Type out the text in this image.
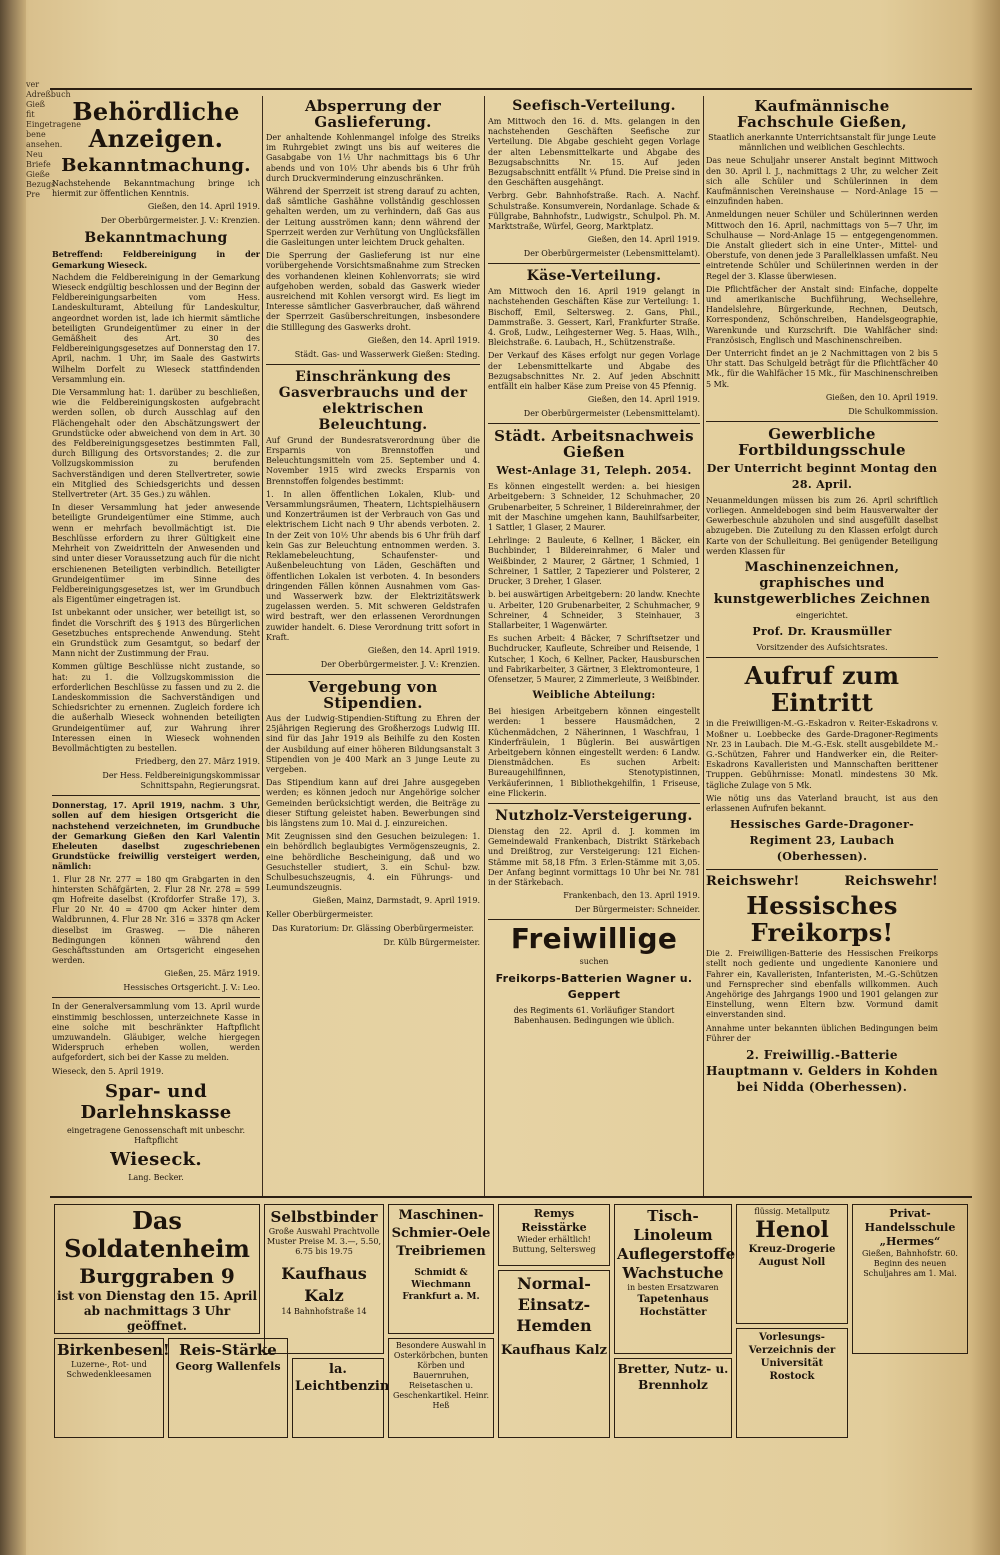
ver Adreßbuch Gieß fit Eingetragene bene ansehen. Neu Briefe Gieße Bezugs Pre
Behördliche Anzeigen.
Bekanntmachung.

Nachstehende Bekanntmachung bringe ich hiermit zur öffentlichen Kenntnis.

Gießen, den 14. April 1919.
Der Oberbürgermeister. J. V.: Krenzien.
Bekanntmachung

Betreffend: Feldbereinigung in der Gemarkung Wieseck.

Nachdem die Feldbereinigung in der Gemarkung Wieseck endgültig beschlossen und der Beginn der Feldbereinigungsarbeiten vom Hess. Landeskulturamt, Abteilung für Landeskultur, angeordnet worden ist, lade ich hiermit sämtliche beteiligten Grundeigentümer zu einer in der Gemäßheit des Art. 30 des Feldbereinigungsgesetzes auf Donnerstag den 17. April, nachm. 1 Uhr, im Saale des Gastwirts Wilhelm Dorfelt zu Wieseck stattfindenden Versammlung ein.

Die Versammlung hat: 1. darüber zu beschließen, wie die Feldbereinigungskosten aufgebracht werden sollen, ob durch Ausschlag auf den Flächengehalt oder den Abschätzungswert der Grundstücke oder abweichend von dem in Art. 30 des Feldbereinigungsgesetzes bestimmten Fall, durch Billigung des Ortsvorstandes; 2. die zur Vollzugskommission zu berufenden Sachverständigen und deren Stellvertreter, sowie ein Mitglied des Schiedsgerichts und dessen Stellvertreter (Art. 35 Ges.) zu wählen.

In dieser Versammlung hat jeder anwesende beteiligte Grundeigentümer eine Stimme, auch wenn er mehrfach bevollmächtigt ist. Die Beschlüsse erfordern zu ihrer Gültigkeit eine Mehrheit von Zweidritteln der Anwesenden und sind unter dieser Voraussetzung auch für die nicht erschienenen Beteiligten verbindlich. Beteiligter Grundeigentümer im Sinne des Feldbereinigungsgesetzes ist, wer im Grundbuch als Eigentümer eingetragen ist.

Ist unbekannt oder unsicher, wer beteiligt ist, so findet die Vorschrift des § 1913 des Bürgerlichen Gesetzbuches entsprechende Anwendung. Steht ein Grundstück zum Gesamtgut, so bedarf der Mann nicht der Zustimmung der Frau.

Kommen gültige Beschlüsse nicht zustande, so hat: zu 1. die Vollzugskommission die erforderlichen Beschlüsse zu fassen und zu 2. die Landeskommission die Sachverständigen und Schiedsrichter zu ernennen. Zugleich fordere ich die außerhalb Wieseck wohnenden beteiligten Grundeigentümer auf, zur Wahrung ihrer Interessen einen in Wieseck wohnenden Bevollmächtigten zu bestellen.

Friedberg, den 27. März 1919.
Der Hess. Feldbereinigungskommissar Schnittspahn, Regierungsrat.

Donnerstag, 17. April 1919, nachm. 3 Uhr, sollen auf dem hiesigen Ortsgericht die nachstehend verzeichneten, im Grundbuche der Gemarkung Gießen den Karl Valentin Eheleuten daselbst zugeschriebenen Grundstücke freiwillig versteigert werden, nämlich:

1. Flur 28 Nr. 277 = 180 qm Grabgarten in den hintersten Schäfgärten, 2. Flur 28 Nr. 278 = 599 qm Hofreite daselbst (Krofdorfer Straße 17), 3. Flur 20 Nr. 40 = 4700 qm Acker hinter dem Waldbrunnen, 4. Flur 28 Nr. 316 = 3378 qm Acker dieselbst im Grasweg. — Die näheren Bedingungen können während den Geschäftsstunden am Ortsgericht eingesehen werden.

Gießen, 25. März 1919.
Hessisches Ortsgericht. J. V.: Leo.

In der Generalversammlung vom 13. April wurde einstimmig beschlossen, unterzeichnete Kasse in eine solche mit beschränkter Haftpflicht umzuwandeln. Gläubiger, welche hiergegen Widerspruch erheben wollen, werden aufgefordert, sich bei der Kasse zu melden.

Wieseck, den 5. April 1919.
Spar- und Darlehnskasse

eingetragene Genossenschaft mit unbeschr. Haftpflicht

Wieseck.
Lang. Becker.
Absperrung der Gaslieferung.

Der anhaltende Kohlenmangel infolge des Streiks im Ruhrgebiet zwingt uns bis auf weiteres die Gasabgabe von 1½ Uhr nachmittags bis 6 Uhr abends und von 10½ Uhr abends bis 6 Uhr früh durch Druckverminderung einzuschränken.

Während der Sperrzeit ist streng darauf zu achten, daß sämtliche Gashähne vollständig geschlossen gehalten werden, um zu verhindern, daß Gas aus der Leitung ausströmen kann; denn während der Sperrzeit werden zur Verhütung von Unglücksfällen die Gasleitungen unter leichtem Druck gehalten.

Die Sperrung der Gaslieferung ist nur eine vorübergehende Vorsichtsmaßnahme zum Strecken des vorhandenen kleinen Kohlenvorrats; sie wird aufgehoben werden, sobald das Gaswerk wieder ausreichend mit Kohlen versorgt wird. Es liegt im Interesse sämtlicher Gasverbraucher, daß während der Sperrzeit Gasüberschreitungen, insbesondere die Stilllegung des Gaswerks droht.

Gießen, den 14. April 1919.
Städt. Gas- und Wasserwerk Gießen: Steding.
Einschränkung des Gasverbrauchs und der elektrischen Beleuchtung.

Auf Grund der Bundesratsverordnung über die Ersparnis von Brennstoffen und Beleuchtungsmitteln vom 25. September und 4. November 1915 wird zwecks Ersparnis von Brennstoffen folgendes bestimmt:

1. In allen öffentlichen Lokalen, Klub- und Versammlungsräumen, Theatern, Lichtspielhäusern und Konzerträumen ist der Verbrauch von Gas und elektrischem Licht nach 9 Uhr abends verboten. 2. In der Zeit von 10½ Uhr abends bis 6 Uhr früh darf kein Gas zur Beleuchtung entnommen werden. 3. Reklamebeleuchtung, Schaufenster- und Außenbeleuchtung von Läden, Geschäften und öffentlichen Lokalen ist verboten. 4. In besonders dringenden Fällen können Ausnahmen vom Gas- und Wasserwerk bzw. der Elektrizitätswerk zugelassen werden. 5. Mit schweren Geldstrafen wird bestraft, wer den erlassenen Verordnungen zuwider handelt. 6. Diese Verordnung tritt sofort in Kraft.

Gießen, den 14. April 1919.
Der Oberbürgermeister. J. V.: Krenzien.
Vergebung von Stipendien.

Aus der Ludwig-Stipendien-Stiftung zu Ehren der 25jährigen Regierung des Großherzogs Ludwig III. sind für das Jahr 1919 als Beihilfe zu den Kosten der Ausbildung auf einer höheren Bildungsanstalt 3 Stipendien von je 400 Mark an 3 junge Leute zu vergeben.

Das Stipendium kann auf drei Jahre ausgegeben werden; es können jedoch nur Angehörige solcher Gemeinden berücksichtigt werden, die Beiträge zu dieser Stiftung geleistet haben. Bewerbungen sind bis längstens zum 10. Mai d. J. einzureichen.

Mit Zeugnissen sind den Gesuchen beizulegen: 1. ein behördlich beglaubigtes Vermögenszeugnis, 2. eine behördliche Bescheinigung, daß und wo Gesuchsteller studiert, 3. ein Schul- bzw. Schulbesuchszeugnis, 4. ein Führungs- und Leumundszeugnis.

Gießen, Mainz, Darmstadt, 9. April 1919.
Keller Oberbürgermeister.
Das Kuratorium: Dr. Glässing Oberbürgermeister.
Dr. Külb Bürgermeister.
Seefisch-Verteilung.

Am Mittwoch den 16. d. Mts. gelangen in den nachstehenden Geschäften Seefische zur Verteilung. Die Abgabe geschieht gegen Vorlage der alten Lebensmittelkarte und Abgabe des Bezugsabschnitts Nr. 15. Auf jeden Bezugsabschnitt entfällt ¼ Pfund. Die Preise sind in den Geschäften ausgehängt.

Verbrg. Gebr. Bahnhofstraße. Rach. A. Nachf. Schulstraße. Konsumverein, Nordanlage. Schade & Füllgrabe, Bahnhofstr., Ludwigstr., Schulpol. Ph. M. Marktstraße, Würfel, Georg, Marktplatz.

Gießen, den 14. April 1919.
Der Oberbürgermeister (Lebensmittelamt).
Käse-Verteilung.

Am Mittwoch den 16. April 1919 gelangt in nachstehenden Geschäften Käse zur Verteilung: 1. Bischoff, Emil, Seltersweg. 2. Gans, Phil., Dammstraße. 3. Gessert, Karl, Frankfurter Straße. 4. Groß, Ludw., Leihgesterner Weg. 5. Haas, Wilh., Bleichstraße. 6. Laubach, H., Schützenstraße.

Der Verkauf des Käses erfolgt nur gegen Vorlage der Lebensmittelkarte und Abgabe des Bezugsabschnittes Nr. 2. Auf jeden Abschnitt entfällt ein halber Käse zum Preise von 45 Pfennig.

Gießen, den 14. April 1919.
Der Oberbürgermeister (Lebensmittelamt).
Städt. Arbeitsnachweis Gießen
West-Anlage 31, Teleph. 2054.

Es können eingestellt werden: a. bei hiesigen Arbeitgebern: 3 Schneider, 12 Schuhmacher, 20 Grubenarbeiter, 5 Schreiner, 1 Bildereinrahmer, der mit der Maschine umgehen kann, Bauhilfsarbeiter, 1 Sattler, 1 Glaser, 2 Maurer.

Lehrlinge: 2 Bauleute, 6 Kellner, 1 Bäcker, ein Buchbinder, 1 Bildereinrahmer, 6 Maler und Weißbinder, 2 Maurer, 2 Gärtner, 1 Schmied, 1 Schreiner, 1 Sattler, 2 Tapezierer und Polsterer, 2 Drucker, 3 Dreher, 1 Glaser.

b. bei auswärtigen Arbeitgebern: 20 landw. Knechte u. Arbeiter, 120 Grubenarbeiter, 2 Schuhmacher, 9 Schreiner, 4 Schneider, 3 Steinhauer, 3 Stallarbeiter, 1 Wagenwärter.

Es suchen Arbeit: 4 Bäcker, 7 Schriftsetzer und Buchdrucker, Kaufleute, Schreiber und Reisende, 1 Kutscher, 1 Koch, 6 Kellner, Packer, Hausburschen und Fabrikarbeiter, 3 Gärtner, 3 Elektromonteure, 1 Ofensetzer, 5 Maurer, 2 Zimmerleute, 3 Weißbinder.

Weibliche Abteilung:

Bei hiesigen Arbeitgebern können eingestellt werden: 1 bessere Hausmädchen, 2 Küchenmädchen, 2 Näherinnen, 1 Waschfrau, 1 Kinderfräulein, 1 Büglerin. Bei auswärtigen Arbeitgebern können eingestellt werden: 6 Landw. Dienstmädchen. Es suchen Arbeit: Bureaugehilfinnen, Stenotypistinnen, Verkäuferinnen, 1 Bibliothekgehilfin, 1 Friseuse, eine Flickerin.

Nutzholz-Versteigerung.

Dienstag den 22. April d. J. kommen im Gemeindewald Frankenbach, Distrikt Stärkebach und Dreißtrog, zur Versteigerung: 121 Eichen-Stämme mit 58,18 Ffm. 3 Erlen-Stämme mit 3,05. Der Anfang beginnt vormittags 10 Uhr bei Nr. 781 in der Stärkebach.

Frankenbach, den 13. April 1919.
Der Bürgermeister: Schneider.
Freiwillige
suchen
Freikorps-Batterien Wagner u. Geppert

des Regiments 61. Vorläufiger Standort Babenhausen. Bedingungen wie üblich.

Kaufmännische Fachschule Gießen,

Staatlich anerkannte Unterrichtsanstalt für junge Leute männlichen und weiblichen Geschlechts.

Das neue Schuljahr unserer Anstalt beginnt Mittwoch den 30. April l. J., nachmittags 2 Uhr, zu welcher Zeit sich alle Schüler und Schülerinnen in dem Kaufmännischen Vereinshause — Nord-Anlage 15 — einzufinden haben.

Anmeldungen neuer Schüler und Schülerinnen werden Mittwoch den 16. April, nachmittags von 5—7 Uhr, im Schulhause — Nord-Anlage 15 — entgegengenommen. Die Anstalt gliedert sich in eine Unter-, Mittel- und Oberstufe, von denen jede 3 Parallelklassen umfaßt. Neu eintretende Schüler und Schülerinnen werden in der Regel der 3. Klasse überwiesen.

Die Pflichtfächer der Anstalt sind: Einfache, doppelte und amerikanische Buchführung, Wechsellehre, Handelslehre, Bürgerkunde, Rechnen, Deutsch, Korrespondenz, Schönschreiben, Handelsgeographie, Warenkunde und Kurzschrift. Die Wahlfächer sind: Französisch, Englisch und Maschinenschreiben.

Der Unterricht findet an je 2 Nachmittagen von 2 bis 5 Uhr statt. Das Schulgeld beträgt für die Pflichtfächer 40 Mk., für die Wahlfächer 15 Mk., für Maschinenschreiben 5 Mk.

Gießen, den 10. April 1919.
Die Schulkommission.
Gewerbliche Fortbildungsschule
Der Unterricht beginnt Montag den 28. April.

Neuanmeldungen müssen bis zum 26. April schriftlich vorliegen. Anmeldebogen sind beim Hausverwalter der Gewerbeschule abzuholen und sind ausgefüllt daselbst abzugeben. Die Zuteilung zu den Klassen erfolgt durch Karte von der Schulleitung. Bei genügender Beteiligung werden Klassen für

Maschinenzeichnen, graphisches und kunstgewerbliches Zeichnen

eingerichtet.

Prof. Dr. Krausmüller
Vorsitzender des Aufsichtsrates.
Aufruf zum Eintritt

in die Freiwilligen-M.-G.-Eskadron v. Reiter-Eskadrons v. Moßner u. Loebbecke des Garde-Dragoner-Regiments Nr. 23 in Laubach. Die M.-G.-Esk. stellt ausgebildete M.-G.-Schützen, Fahrer und Handwerker ein, die Reiter-Eskadrons Kavalleristen und Mannschaften berittener Truppen. Gebührnisse: Monatl. mindestens 30 Mk. tägliche Zulage von 5 Mk.

Wie nötig uns das Vaterland braucht, ist aus den erlassenen Aufrufen bekannt.

Hessisches Garde-Dragoner-Regiment 23, Laubach (Oberhessen).
Reichswehr!	Reichswehr!
Hessisches Freikorps!

Die 2. Freiwilligen-Batterie des Hessischen Freikorps stellt noch gediente und ungediente Kanoniere und Fahrer ein, Kavalleristen, Infanteristen, M.-G.-Schützen und Fernsprecher sind ebenfalls willkommen. Auch Angehörige des Jahrgangs 1900 und 1901 gelangen zur Einstellung, wenn Eltern bzw. Vormund damit einverstanden sind.

Annahme unter bekannten üblichen Bedingungen beim Führer der

2. Freiwillig.-Batterie Hauptmann v. Gelders in Kohden bei Nidda (Oberhessen).
Das Soldatenheim
Burggraben 9
ist von Dienstag den 15. April ab nachmittags 3 Uhr geöffnet.
Selbstbinder
Große Auswahl Prachtvolle Muster Preise M. 3.—, 5.50, 6.75 bis 19.75
Kaufhaus Kalz
14 Bahnhofstraße 14
Maschinen-Schmier-Oele Treibriemen
Schmidt & Wiechmann Frankfurt a. M.
Remys Reisstärke
Wieder erhältlich! Buttung, Seltersweg
Tisch-Linoleum Auflegerstoffe Wachstuche
in besten Ersatzwaren
Tapetenhaus Hochstätter
flüssig. Metallputz
Henol
Kreuz-Drogerie August Noll
Privat-Handelsschule „Hermes“
Gießen, Bahnhofstr. 60. Beginn des neuen Schuljahres am 1. Mai.
Birkenbesen!
Luzerne-, Rot- und Schwedenkleesamen
Reis-Stärke
Georg Wallenfels	la. Leichtbenzin
Besondere Auswahl in Osterkörbchen, bunten Körben und Bauernruhen, Reisetaschen u. Geschenkartikel. Heinr. Heß
Normal-Einsatz-Hemden
Kaufhaus Kalz
Bretter, Nutz- u. Brennholz
Vorlesungs-Verzeichnis der Universität Rostock
